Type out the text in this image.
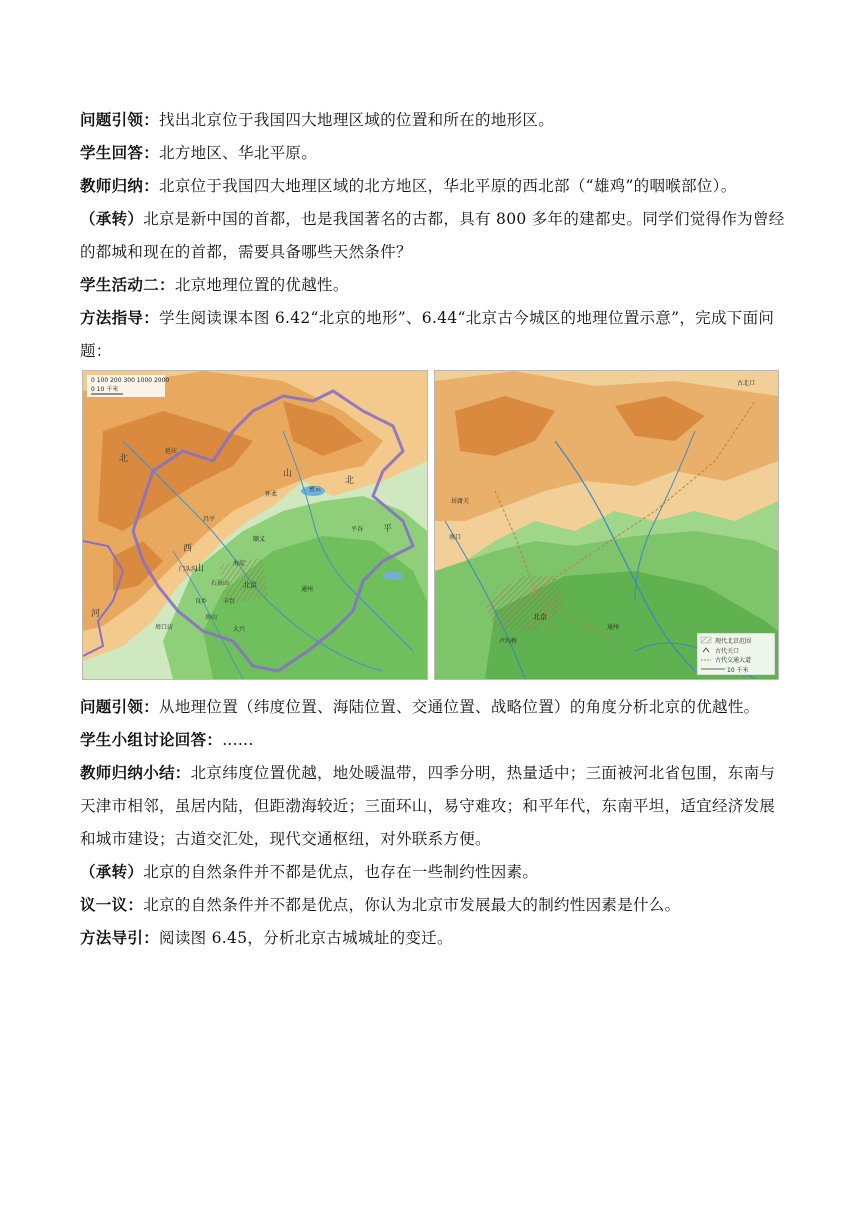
问题引领：找出北京位于我国四大地理区域的位置和所在的地形区。

学生回答：北方地区、华北平原。

教师归纳：北京位于我国四大地理区域的北方地区，华北平原的西北部（“雄鸡”的咽喉部位）。

（承转）北京是新中国的首都，也是我国著名的古都，具有 800 多年的建都史。同学们觉得作为曾经的都城和现在的首都，需要具备哪些天然条件？

学生活动二：北京地理位置的优越性。

方法指导：学生阅读课本图 6.42“北京的地形”、6.44“北京古今城区的地理位置示意”，完成下面问题：

0 100 200 300 1000 2000
0 10 千米
北
山
河
西
山
北
平
延庆
怀柔
密云
昌平
顺义
平谷
门头沟
北京
通州
房山
大兴
周口店
良乡	丰台
石景山
海淀
古北口
居庸关
南口
北京
通州
卢沟桥	现代北京范围
古代关口
古代交通大道
10 千米

问题引领：从地理位置（纬度位置、海陆位置、交通位置、战略位置）的角度分析北京的优越性。

学生小组讨论回答：......

教师归纳小结：北京纬度位置优越，地处暖温带，四季分明，热量适中；三面被河北省包围，东南与天津市相邻，虽居内陆，但距渤海较近；三面环山，易守难攻；和平年代，东南平坦，适宜经济发展和城市建设；古道交汇处，现代交通枢纽，对外联系方便。

（承转）北京的自然条件并不都是优点，也存在一些制约性因素。

议一议：北京的自然条件并不都是优点，你认为北京市发展最大的制约性因素是什么。

方法导引：阅读图 6.45，分析北京古城城址的变迁。
